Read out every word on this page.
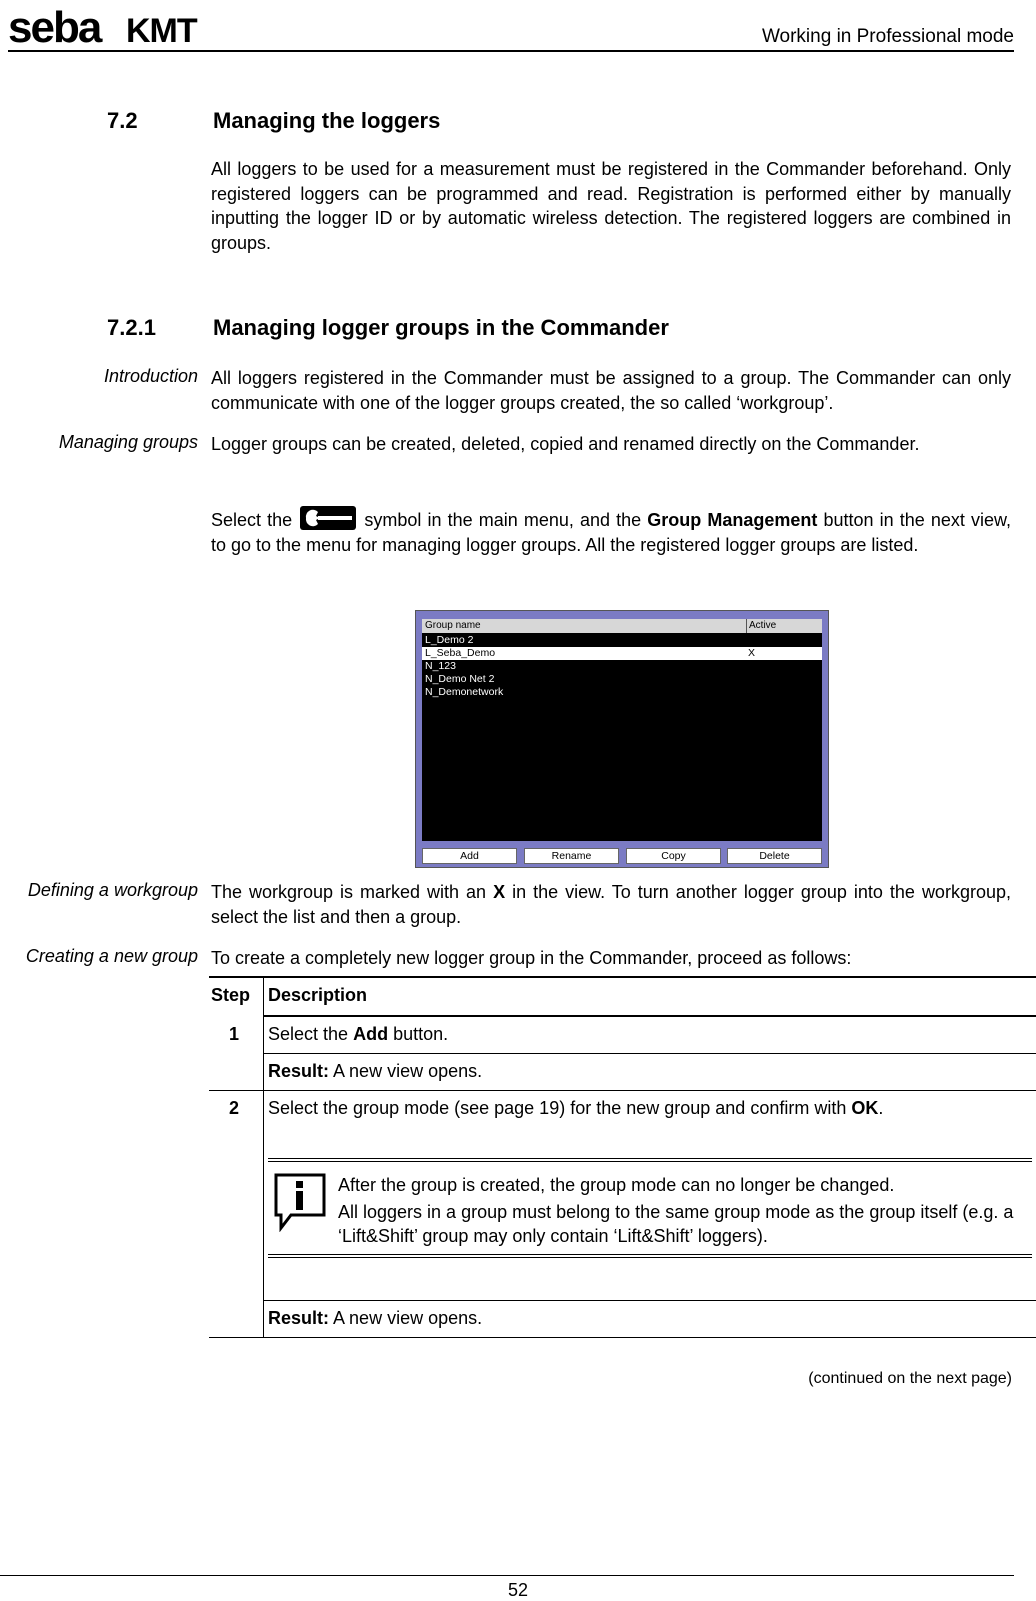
seba KMT	Working in Professional mode
7.2	Managing the loggers
All loggers to be used for a measurement must be registered in the Commander beforehand. Only registered loggers can be programmed and read. Registration is performed either by manually inputting the logger ID or by automatic wireless detection. The registered loggers are combined in groups.
7.2.1	Managing logger groups in the Commander
Introduction All loggers registered in the Commander must be assigned to a group. The Commander can only communicate with one of the logger groups created, the so called ‘workgroup’.
Managing groups Logger groups can be created, deleted, copied and renamed directly on the Commander.
Select the	symbol in the main menu, and the Group Management button in the next view, to go to the menu for managing logger groups. All the registered logger groups are listed.
Group name	Active
L_Demo 2
L_Seba_Demo	X
N_123
N_Demo Net 2
N_Demonetwork
Add	Rename	Copy	Delete
Defining a workgroup The workgroup is marked with an X in the view. To turn another logger group into the workgroup, select the list and then a group.
Creating a new group To create a completely new logger group in the Commander, proceed as follows:
Step Description
1	Select the Add button.
Result: A new view opens.
2	Select the group mode (see page 19) for the new group and confirm with OK.
After the group is created, the group mode can no longer be changed.
All loggers in a group must belong to the same group mode as the group itself (e.g. a ‘Lift&Shift’ group may only contain ‘Lift&Shift’ loggers).
Result: A new view opens.
(continued on the next page)
52
